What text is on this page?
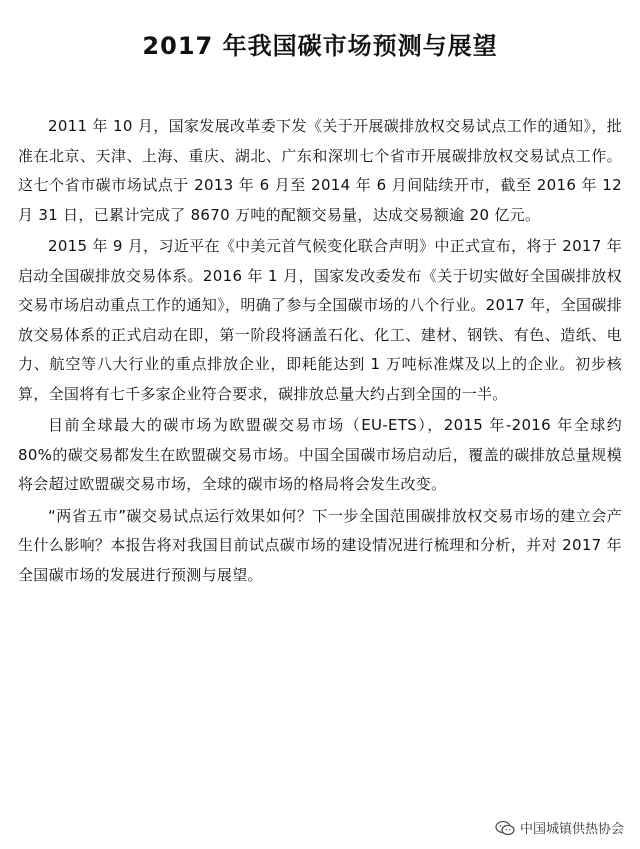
2017 年我国碳市场预测与展望

2011 年 10 月，国家发展改革委下发《关于开展碳排放权交易试点工作的通知》，批准在北京、天津、上海、重庆、湖北、广东和深圳七个省市开展碳排放权交易试点工作。这七个省市碳市场试点于 2013 年 6 月至 2014 年 6 月间陆续开市，截至 2016 年 12 月 31 日，已累计完成了 8670 万吨的配额交易量，达成交易额逾 20 亿元。

2015 年 9 月，习近平在《中美元首气候变化联合声明》中正式宣布，将于 2017 年启动全国碳排放交易体系。2016 年 1 月，国家发改委发布《关于切实做好全国碳排放权交易市场启动重点工作的通知》，明确了参与全国碳市场的八个行业。2017 年，全国碳排放交易体系的正式启动在即，第一阶段将涵盖石化、化工、建材、钢铁、有色、造纸、电力、航空等八大行业的重点排放企业，即耗能达到 1 万吨标准煤及以上的企业。初步核算，全国将有七千多家企业符合要求，碳排放总量大约占到全国的一半。

目前全球最大的碳市场为欧盟碳交易市场（EU-ETS），2015 年-2016 年全球约 80%的碳交易都发生在欧盟碳交易市场。中国全国碳市场启动后，覆盖的碳排放总量规模将会超过欧盟碳交易市场，全球的碳市场的格局将会发生改变。

“两省五市”碳交易试点运行效果如何？下一步全国范围碳排放权交易市场的建立会产生什么影响？本报告将对我国目前试点碳市场的建设情况进行梳理和分析，并对 2017 年全国碳市场的发展进行预测与展望。

中国城镇供热协会
